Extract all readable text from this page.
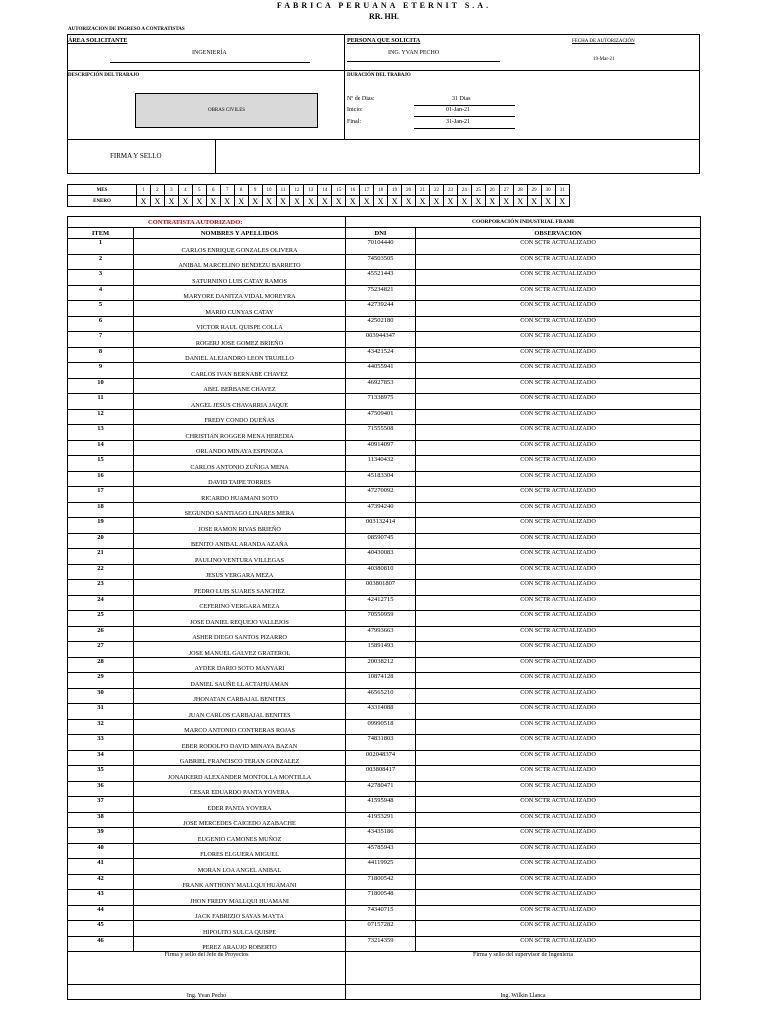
FABRICA PERUANA ETERNIT S.A.
RR. HH.
AUTORIZACION DE INGRESO A CONTRATISTAS
ÁREA SOLICITANTE
INGENIERÍA
PERSONA QUE SOLICITA
ING. YVAN PECHO
FECHA DE AUTORIZACIÓN
19-Mar-21
DESCRIPCIÓN DEL TRABAJO
OBRAS CIVILES
DURACIÓN DEL TRABAJO
Nº de Dias:	31 Dias
Inicio:	01-Jan-21
Final:	31-Jan-21
FIRMA Y SELLO
MES	1	2	3	4	5	6	7	8	9	10	11	12	13	14	15	16	17	18	19	20	21	22	23	24	25	26	27	28	29	30	31
ENERO	X	X	X	X	X	X	X	X	X	X	X	X	X	X	X	X	X	X	X	X	X	X	X	X	X	X	X	X	X	X	X
CONTRATISTA AUTORIZADO:		COORPORACIÓN INDUSTRIAL FRAMI	
ITEM	NOMBRES Y APELLIDOS	DNI	OBSERVACION
1	CARLOS ENRIQUE GONZALES OLIVERA	70104440	CON SCTR ACTUALIZADO
2	ANIBAL MARCELINO BENDEZU BARRETO	74503505	CON SCTR ACTUALIZADO
3	SATURNINO LUIS CATAY RAMOS	45521443	CON SCTR ACTUALIZADO
4	MARYORE DANITZA VIDAL MOREYRA	75234821	CON SCTR ACTUALIZADO
5	MARIO CUNYAS CATAY	42739244	CON SCTR ACTUALIZADO
6	VICTOR RAUL QUISPE COLLA	42502180	CON SCTR ACTUALIZADO
7	ROGERJ JOSE GOMEZ BRIEÑO	003944347	CON SCTR ACTUALIZADO
8	DANIEL ALEJANDRO LEON TRUJILLO	43421524	CON SCTR ACTUALIZADO
9	CARLOS IVAN BERNABE CHAVEZ	44055941	CON SCTR ACTUALIZADO
10	ABEL BERBANE CHAVEZ	46927853	CON SCTR ACTUALIZADO
11	ANGEL JESUS CHAVARRIA JAQUE	71338975	CON SCTR ACTUALIZADO
12	FREDY CONDO DUEÑAS	47509401	CON SCTR ACTUALIZADO
13	CHRISTIAN ROGGER MENA HEREDIA	71555508	CON SCTR ACTUALIZADO
14	ORLANDO MINAYA ESPINOZA	40914097	CON SCTR ACTUALIZADO
15	CARLOS ANTONIO ZUÑIGA MENA	11340432	CON SCTR ACTUALIZADO
16	DAVID TAIPE TORRES	45183304	CON SCTR ACTUALIZADO
17	RICARDO HUAMANI SOTO	47270092	CON SCTR ACTUALIZADO
18	SEGUNDO SANTIAGO LINARES MERA	47394240	CON SCTR ACTUALIZADO
19	JOSE RAMON RIVAS BRIEÑO	003132414	CON SCTR ACTUALIZADO
20	BENITO ANIBAL ARANDA AZAÑA	08590745	CON SCTR ACTUALIZADO
21	PAULINO VENTURA VILLEGAS	40430083	CON SCTR ACTUALIZADO
22	JESUS VERGARA MEZA	40380810	CON SCTR ACTUALIZADO
23	PEDRO LUIS SUARES SANCHEZ	003801807	CON SCTR ACTUALIZADO
24	CEFERINO VERGARA MEZA	42412715	CON SCTR ACTUALIZADO
25	JOSE DANIEL REQUEJO VALLEJOS	70550959	CON SCTR ACTUALIZADO
26	ASHER DIEGO SANTOS PIZARRO	47993663	CON SCTR ACTUALIZADO
27	JOSE MANUEL GALVEZ GRATEROL	15891493	CON SCTR ACTUALIZADO
28	AYDER DARIO SOTO MANYARI	20038212	CON SCTR ACTUALIZADO
29	DANIEL SAUÑE LLACTAHUAMAN	10874128	CON SCTR ACTUALIZADO
30	JHONATAN CARBAJAL BENITES	46565210	CON SCTR ACTUALIZADO
31	JUAN CARLOS CARBAJAL BENITES	43314088	CON SCTR ACTUALIZADO
32	MARCO ANTONIO CONTRERAS ROJAS	09990518	CON SCTR ACTUALIZADO
33	EBER RODOLFO DAVID MINAYA BAZAN	74831803	CON SCTR ACTUALIZADO
34	GABRIEL FRANCISCO TERAN GONZALEZ	002048374	CON SCTR ACTUALIZADO
35	JONAIKERD ALEXANDER MONTOLLA MONTILLA	003808417	CON SCTR ACTUALIZADO
36	CESAR EDUARDO PANTA YOVERA	42780471	CON SCTR ACTUALIZADO
37	EDER PANTA YOVERA	41595948	CON SCTR ACTUALIZADO
38	JOSE MERCEDES CAICEDO AZABACHE	41953291	CON SCTR ACTUALIZADO
39	EUGENIO CAMONES MUÑOZ	43435186	CON SCTR ACTUALIZADO
40	FLORES ELGUERA MIGUEL	45785943	CON SCTR ACTUALIZADO
41	MORAN LOA ANGEL ANIBAL	44119925	CON SCTR ACTUALIZADO
42	FRANK ANTHONY MALLQUI HUAMANI	71800542	CON SCTR ACTUALIZADO
43	JHON FREDY MALLQUI HUAMANI	71800548	CON SCTR ACTUALIZADO
44	JACK FABRIZIO SAYAS MAYTA	74340715	CON SCTR ACTUALIZADO
45	HIPOLITO SULCA QUISPE	07157282	CON SCTR ACTUALIZADO
46	PEREZ ARAUJO ROBERTO	73214359	CON SCTR ACTUALIZADO
Firma y sello del Jefe de Proyectos		Firma y sello del supervisor de Ingeniería	

Ing. Yvan Pecho		Ing. Wilkin Llanca	
